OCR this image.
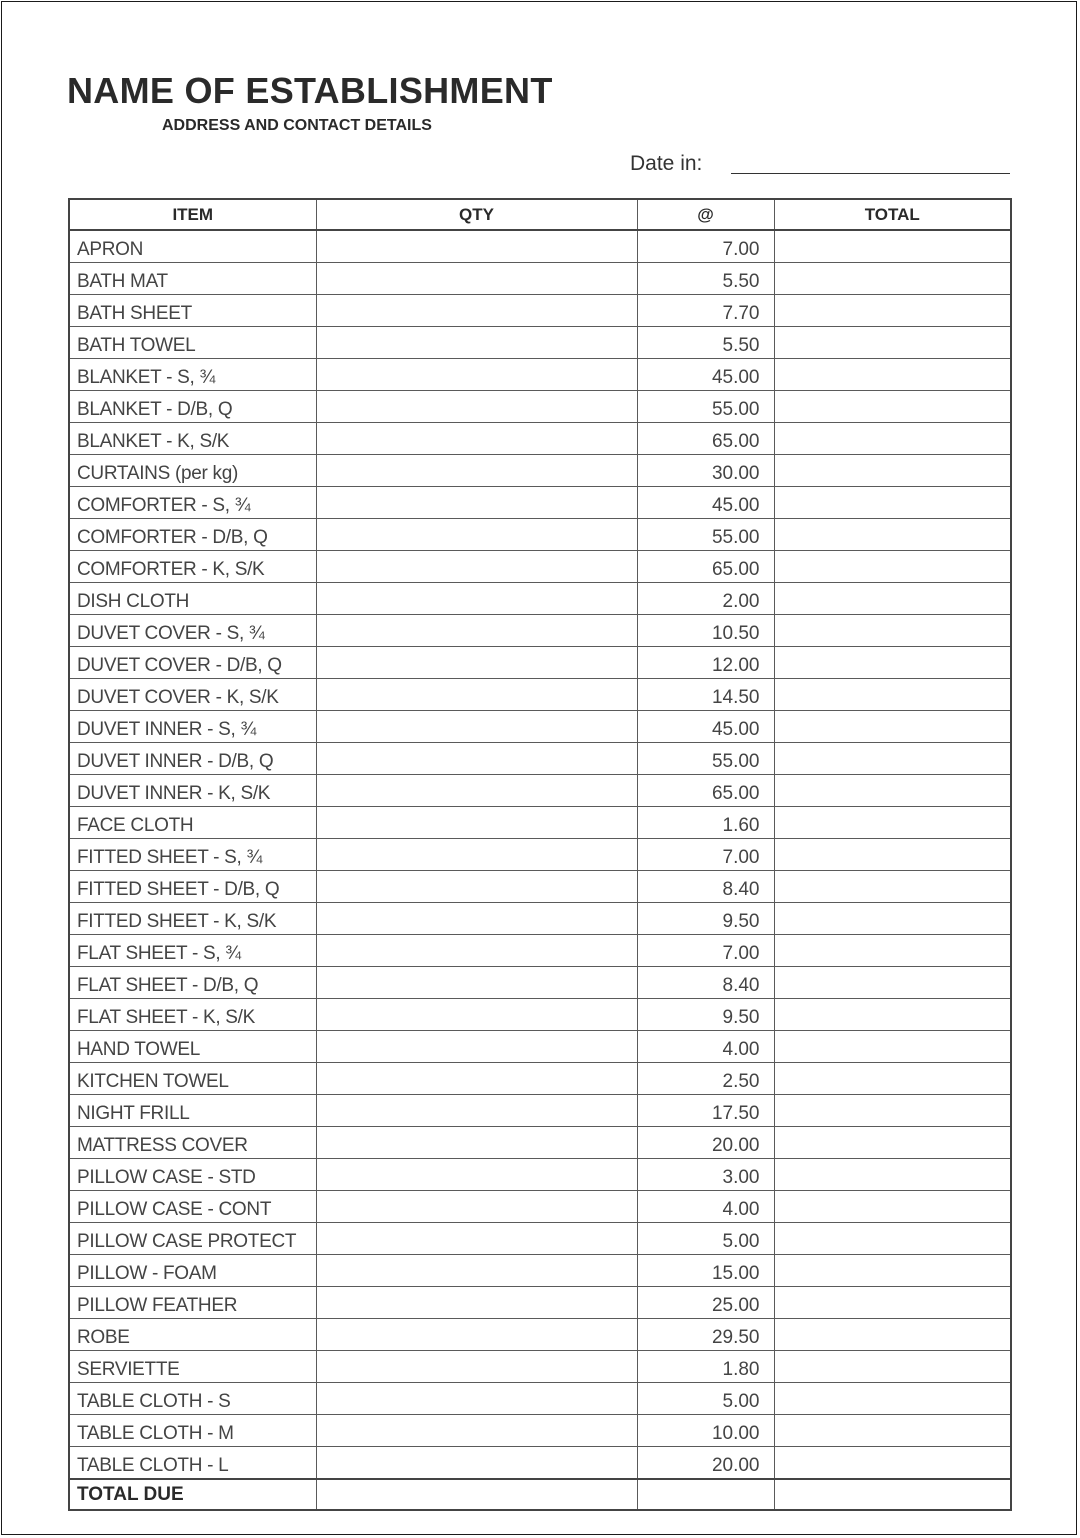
NAME OF ESTABLISHMENT

ADDRESS AND CONTACT DETAILS

Date in:
ITEM	QTY	@	TOTAL
APRON		7.00	
BATH MAT		5.50	
BATH SHEET		7.70	
BATH TOWEL		5.50	
BLANKET - S, ¾		45.00	
BLANKET - D/B, Q		55.00	
BLANKET - K, S/K		65.00	
CURTAINS (per kg)		30.00	
COMFORTER - S, ¾		45.00	
COMFORTER - D/B, Q		55.00	
COMFORTER - K, S/K		65.00	
DISH CLOTH		2.00	
DUVET COVER - S, ¾		10.50	
DUVET COVER - D/B, Q		12.00	
DUVET COVER - K, S/K		14.50	
DUVET INNER - S, ¾		45.00	
DUVET INNER - D/B, Q		55.00	
DUVET INNER - K, S/K		65.00	
FACE CLOTH		1.60	
FITTED SHEET - S, ¾		7.00	
FITTED SHEET - D/B, Q		8.40	
FITTED SHEET - K, S/K		9.50	
FLAT SHEET - S, ¾		7.00	
FLAT SHEET - D/B, Q		8.40	
FLAT SHEET - K, S/K		9.50	
HAND TOWEL		4.00	
KITCHEN TOWEL		2.50	
NIGHT FRILL		17.50	
MATTRESS COVER		20.00	
PILLOW CASE - STD		3.00	
PILLOW CASE - CONT		4.00	
PILLOW CASE PROTECT		5.00	
PILLOW - FOAM		15.00	
PILLOW FEATHER		25.00	
ROBE		29.50	
SERVIETTE		1.80	
TABLE CLOTH - S		5.00	
TABLE CLOTH - M		10.00	
TABLE CLOTH - L		20.00	
TOTAL DUE			
